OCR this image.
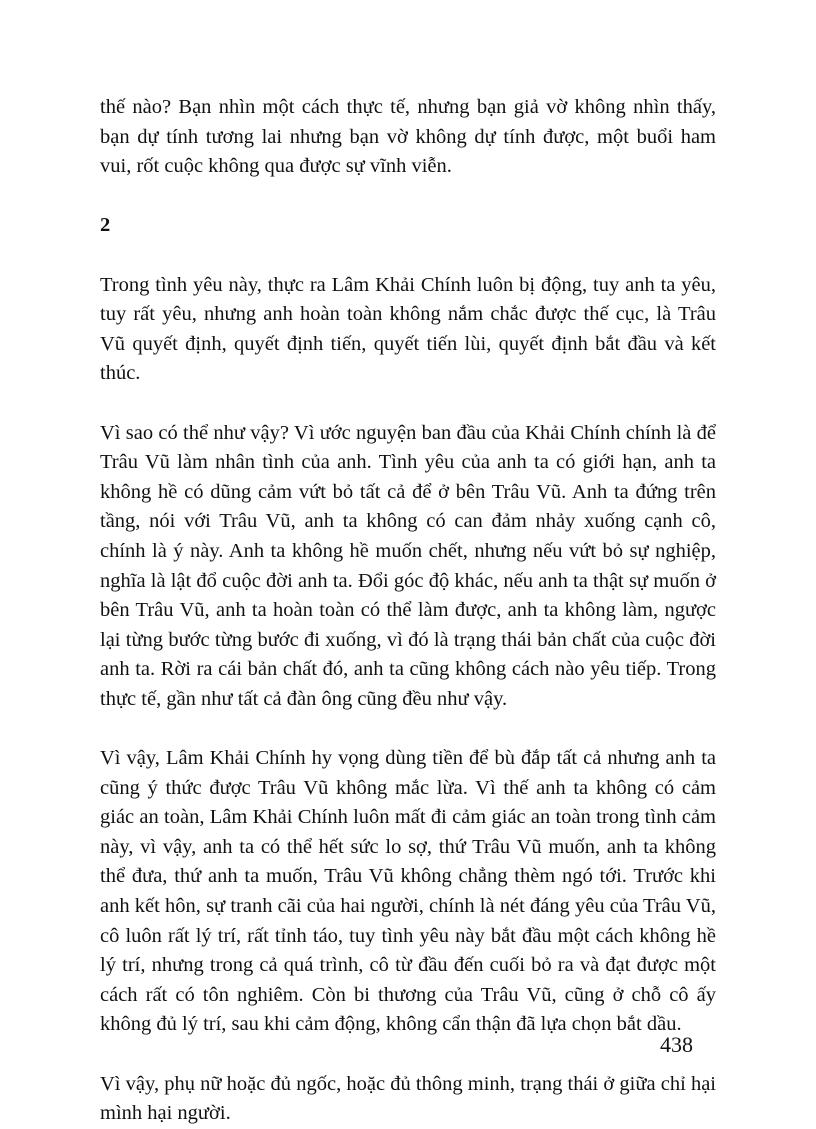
thế nào? Bạn nhìn một cách thực tế, nhưng bạn giả vờ không nhìn thấy, bạn dự tính tương lai nhưng bạn vờ không dự tính được, một buổi ham vui, rốt cuộc không qua được sự vĩnh viễn.

2

Trong tình yêu này, thực ra Lâm Khải Chính luôn bị động, tuy anh ta yêu, tuy rất yêu, nhưng anh hoàn toàn không nắm chắc được thế cục, là Trâu Vũ quyết định, quyết định tiến, quyết tiến lùi, quyết định bắt đầu và kết thúc.

Vì sao có thể như vậy? Vì ước nguyện ban đầu của Khải Chính chính là để Trâu Vũ làm nhân tình của anh. Tình yêu của anh ta có giới hạn, anh ta không hề có dũng cảm vứt bỏ tất cả để ở bên Trâu Vũ. Anh ta đứng trên tầng, nói với Trâu Vũ, anh ta không có can đảm nhảy xuống cạnh cô, chính là ý này. Anh ta không hề muốn chết, nhưng nếu vứt bỏ sự nghiệp, nghĩa là lật đổ cuộc đời anh ta. Đổi góc độ khác, nếu anh ta thật sự muốn ở bên Trâu Vũ, anh ta hoàn toàn có thể làm được, anh ta không làm, ngược lại từng bước từng bước đi xuống, vì đó là trạng thái bản chất của cuộc đời anh ta. Rời ra cái bản chất đó, anh ta cũng không cách nào yêu tiếp. Trong thực tế, gần như tất cả đàn ông cũng đều như vậy.

Vì vậy, Lâm Khải Chính hy vọng dùng tiền để bù đắp tất cả nhưng anh ta cũng ý thức được Trâu Vũ không mắc lừa. Vì thế anh ta không có cảm giác an toàn, Lâm Khải Chính luôn mất đi cảm giác an toàn trong tình cảm này, vì vậy, anh ta có thể hết sức lo sợ, thứ Trâu Vũ muốn, anh ta không thể đưa, thứ anh ta muốn, Trâu Vũ không chẳng thèm ngó tới. Trước khi anh kết hôn, sự tranh cãi của hai người, chính là nét đáng yêu của Trâu Vũ, cô luôn rất lý trí, rất tỉnh táo, tuy tình yêu này bắt đầu một cách không hề lý trí, nhưng trong cả quá trình, cô từ đầu đến cuối bỏ ra và đạt được một cách rất có tôn nghiêm. Còn bi thương của Trâu Vũ, cũng ở chỗ cô ấy không đủ lý trí, sau khi cảm động, không cẩn thận đã lựa chọn bắt dầu.

Vì vậy, phụ nữ hoặc đủ ngốc, hoặc đủ thông minh, trạng thái ở giữa chỉ hại mình hại người.

438
